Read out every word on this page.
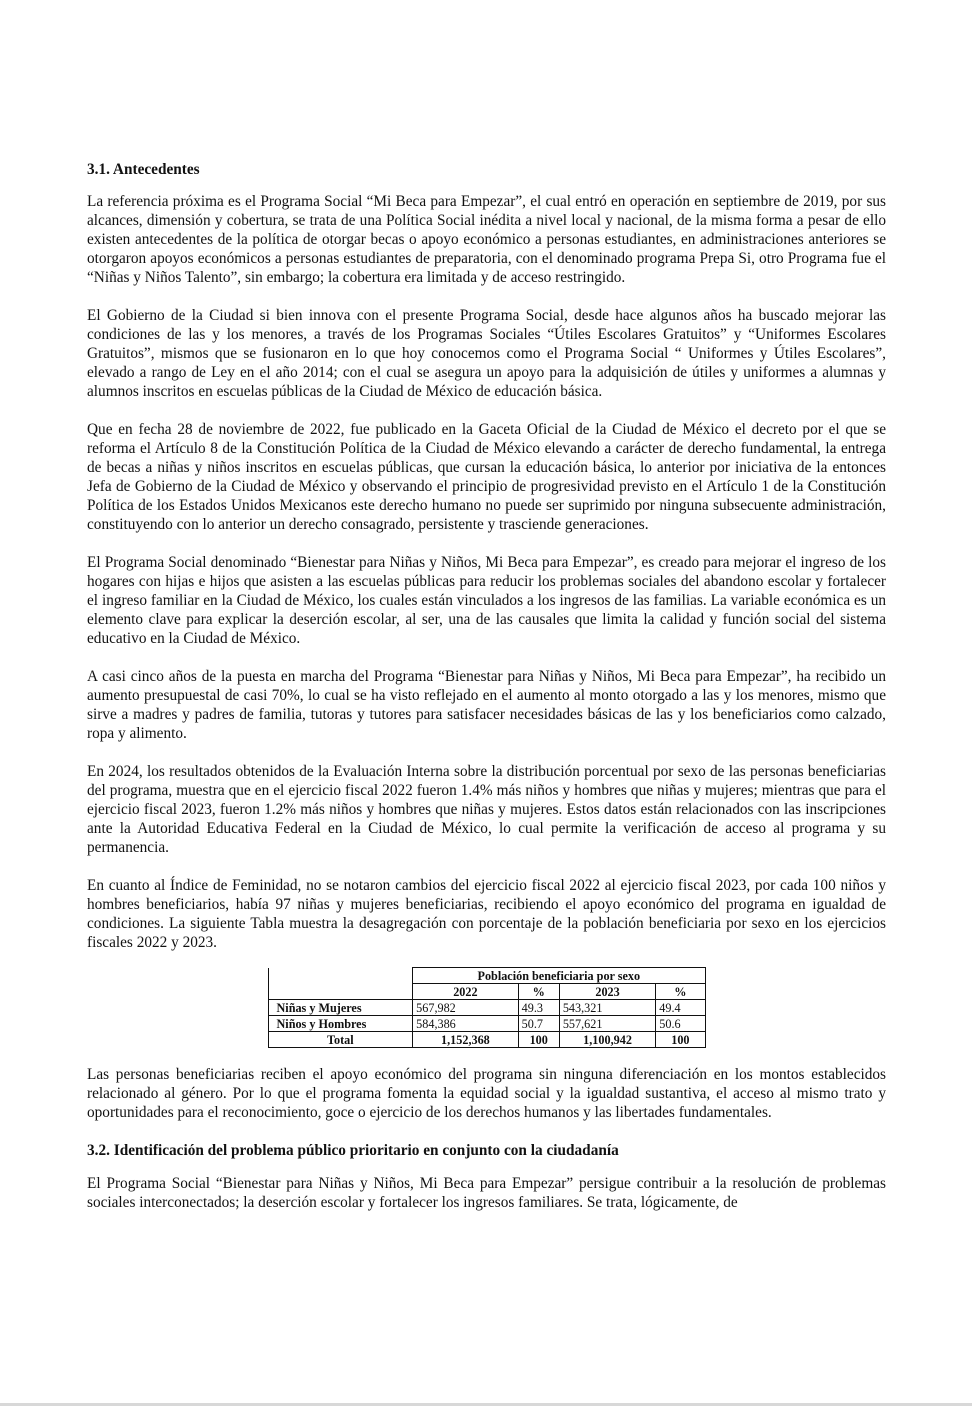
3.1. Antecedentes

La referencia próxima es el Programa Social “Mi Beca para Empezar”, el cual entró en operación en septiembre de 2019, por sus alcances, dimensión y cobertura, se trata de una Política Social inédita a nivel local y nacional, de la misma forma a pesar de ello existen antecedentes de la política de otorgar becas o apoyo económico a personas estudiantes, en administraciones anteriores se otorgaron apoyos económicos a personas estudiantes de preparatoria, con el denominado programa Prepa Si, otro Programa fue el “Niñas y Niños Talento”, sin embargo; la cobertura era limitada y de acceso restringido.

El Gobierno de la Ciudad si bien innova con el presente Programa Social, desde hace algunos años ha buscado mejorar las condiciones de las y los menores, a través de los Programas Sociales “Útiles Escolares Gratuitos” y “Uniformes Escolares Gratuitos”, mismos que se fusionaron en lo que hoy conocemos como el Programa Social “ Uniformes y Útiles Escolares”, elevado a rango de Ley en el año 2014; con el cual se asegura un apoyo para la adquisición de útiles y uniformes a alumnas y alumnos inscritos en escuelas públicas de la Ciudad de México de educación básica.

Que en fecha 28 de noviembre de 2022, fue publicado en la Gaceta Oficial de la Ciudad de México el decreto por el que se reforma el Artículo 8 de la Constitución Política de la Ciudad de México elevando a carácter de derecho fundamental, la entrega de becas a niñas y niños inscritos en escuelas públicas, que cursan la educación básica, lo anterior por iniciativa de la entonces Jefa de Gobierno de la Ciudad de México y observando el principio de progresividad previsto en el Artículo 1 de la Constitución Política de los Estados Unidos Mexicanos este derecho humano no puede ser suprimido por ninguna subsecuente administración, constituyendo con lo anterior un derecho consagrado, persistente y trasciende generaciones.

El Programa Social denominado “Bienestar para Niñas y Niños, Mi Beca para Empezar”, es creado para mejorar el ingreso de los hogares con hijas e hijos que asisten a las escuelas públicas para reducir los problemas sociales del abandono escolar y fortalecer el ingreso familiar en la Ciudad de México, los cuales están vinculados a los ingresos de las familias. La variable económica es un elemento clave para explicar la deserción escolar, al ser, una de las causales que limita la calidad y función social del sistema educativo en la Ciudad de México.

A casi cinco años de la puesta en marcha del Programa “Bienestar para Niñas y Niños, Mi Beca para Empezar”, ha recibido un aumento presupuestal de casi 70%, lo cual se ha visto reflejado en el aumento al monto otorgado a las y los menores, mismo que sirve a madres y padres de familia, tutoras y tutores para satisfacer necesidades básicas de las y los beneficiarios como calzado, ropa y alimento.

En 2024, los resultados obtenidos de la Evaluación Interna sobre la distribución porcentual por sexo de las personas beneficiarias del programa, muestra que en el ejercicio fiscal 2022 fueron 1.4% más niños y hombres que niñas y mujeres; mientras que para el ejercicio fiscal 2023, fueron 1.2% más niños y hombres que niñas y mujeres. Estos datos están relacionados con las inscripciones ante la Autoridad Educativa Federal en la Ciudad de México, lo cual permite la verificación de acceso al programa y su permanencia.

En cuanto al Índice de Feminidad, no se notaron cambios del ejercicio fiscal 2022 al ejercicio fiscal 2023, por cada 100 niños y hombres beneficiarios, había 97 niñas y mujeres beneficiarias, recibiendo el apoyo económico del programa en igualdad de condiciones. La siguiente Tabla muestra la desagregación con porcentaje de la población beneficiaria por sexo en los ejercicios fiscales 2022 y 2023.

	Población beneficiaria por sexo			
	2022	%	2023	%
Niñas y Mujeres	567,982	49.3	543,321	49.4
Niños y Hombres	584,386	50.7	557,621	50.6
Total	1,152,368	100	1,100,942	100

Las personas beneficiarias reciben el apoyo económico del programa sin ninguna diferenciación en los montos establecidos relacionado al género. Por lo que el programa fomenta la equidad social y la igualdad sustantiva, el acceso al mismo trato y oportunidades para el reconocimiento, goce o ejercicio de los derechos humanos y las libertades fundamentales.

3.2. Identificación del problema público prioritario en conjunto con la ciudadanía

El Programa Social “Bienestar para Niñas y Niños, Mi Beca para Empezar” persigue contribuir a la resolución de problemas sociales interconectados; la deserción escolar y fortalecer los ingresos familiares. Se trata, lógicamente, de
